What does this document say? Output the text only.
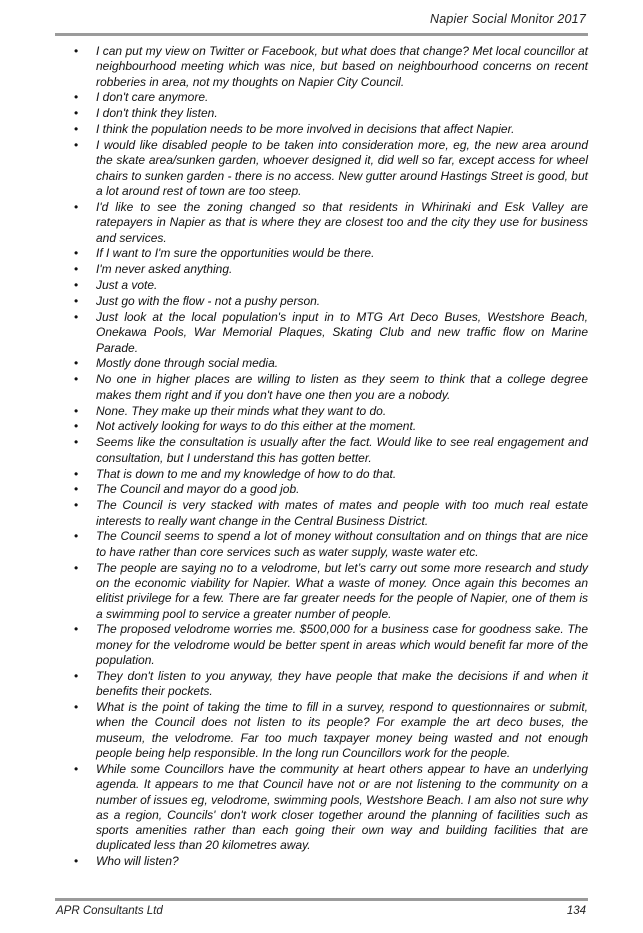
Napier Social Monitor 2017
• I can put my view on Twitter or Facebook, but what does that change? Met local councillor at neighbourhood meeting which was nice, but based on neighbourhood concerns on recent robberies in area, not my thoughts on Napier City Council.
• I don't care anymore.
• I don't think they listen.
• I think the population needs to be more involved in decisions that affect Napier.
• I would like disabled people to be taken into consideration more, eg, the new area around the skate area/sunken garden, whoever designed it, did well so far, except access for wheel chairs to sunken garden - there is no access. New gutter around Hastings Street is good, but a lot around rest of town are too steep.
• I'd like to see the zoning changed so that residents in Whirinaki and Esk Valley are ratepayers in Napier as that is where they are closest too and the city they use for business and services.
• If I want to I'm sure the opportunities would be there.
• I'm never asked anything.
• Just a vote.
• Just go with the flow - not a pushy person.
• Just look at the local population's input in to MTG Art Deco Buses, Westshore Beach, Onekawa Pools, War Memorial Plaques, Skating Club and new traffic flow on Marine Parade.
• Mostly done through social media.
• No one in higher places are willing to listen as they seem to think that a college degree makes them right and if you don't have one then you are a nobody.
• None. They make up their minds what they want to do.
• Not actively looking for ways to do this either at the moment.
• Seems like the consultation is usually after the fact. Would like to see real engagement and consultation, but I understand this has gotten better.
• That is down to me and my knowledge of how to do that.
• The Council and mayor do a good job.
• The Council is very stacked with mates of mates and people with too much real estate interests to really want change in the Central Business District.
• The Council seems to spend a lot of money without consultation and on things that are nice to have rather than core services such as water supply, waste water etc.
• The people are saying no to a velodrome, but let’s carry out some more research and study on the economic viability for Napier. What a waste of money. Once again this becomes an elitist privilege for a few. There are far greater needs for the people of Napier, one of them is a swimming pool to service a greater number of people.
• The proposed velodrome worries me. $500,000 for a business case for goodness sake. The money for the velodrome would be better spent in areas which would benefit far more of the population.
• They don't listen to you anyway, they have people that make the decisions if and when it benefits their pockets.
• What is the point of taking the time to fill in a survey, respond to questionnaires or submit, when the Council does not listen to its people? For example the art deco buses, the museum, the velodrome. Far too much taxpayer money being wasted and not enough people being help responsible. In the long run Councillors work for the people.
• While some Councillors have the community at heart others appear to have an underlying agenda. It appears to me that Council have not or are not listening to the community on a number of issues eg, velodrome, swimming pools, Westshore Beach. I am also not sure why as a region, Councils' don't work closer together around the planning of facilities such as sports amenities rather than each going their own way and building facilities that are duplicated less than 20 kilometres away.
• Who will listen?
APR Consultants Ltd	134
